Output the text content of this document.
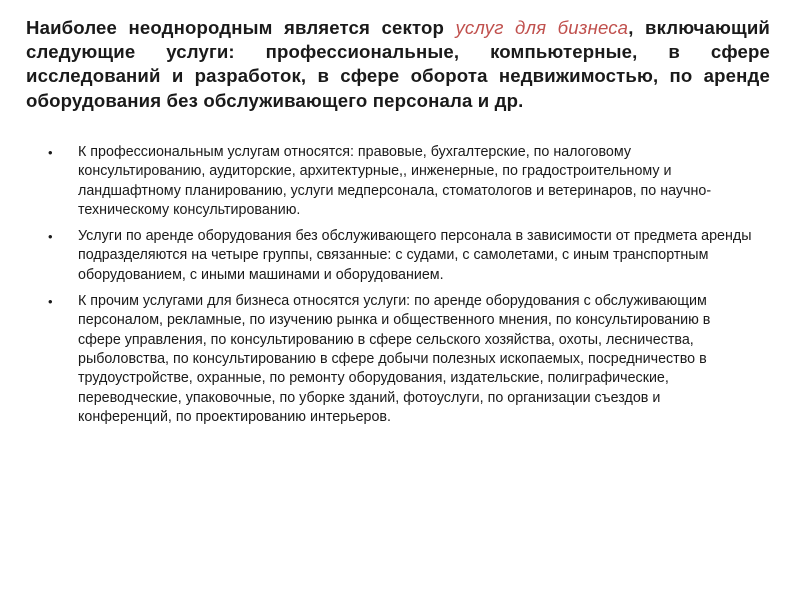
Наиболее неоднородным является сектор услуг для бизнеса, включающий следующие услуги: профессиональные, компьютерные, в сфере исследований и разработок, в сфере оборота недвижимостью, по аренде оборудования без обслуживающего персонала и др.
• К профессиональным услугам относятся: правовые, бухгалтерские, по налоговому консультированию, аудиторские, архитектурные,, инженерные, по градостроительному и ландшафтному планированию, услуги медперсонала, стоматологов и ветеринаров, по научно-техническому консультированию.
• Услуги по аренде оборудования без обслуживающего персонала в зависимости от предмета аренды подразделяются на четыре группы, связанные: с судами, с самолетами, с иным транспортным оборудованием, с иными машинами и оборудованием.
• К прочим услугами для бизнеса относятся услуги: по аренде оборудования с обслуживающим персоналом, рекламные, по изучению рынка и общественного мнения, по консультированию в сфере управления, по консультированию в сфере сельского хозяйства, охоты, лесничества, рыболовства, по консультированию в сфере добычи полезных ископаемых, посредничество в трудоустройстве, охранные, по ремонту оборудования, издательские, полиграфические, переводческие, упаковочные, по уборке зданий, фотоуслуги, по организации съездов и конференций, по проектированию интерьеров.
